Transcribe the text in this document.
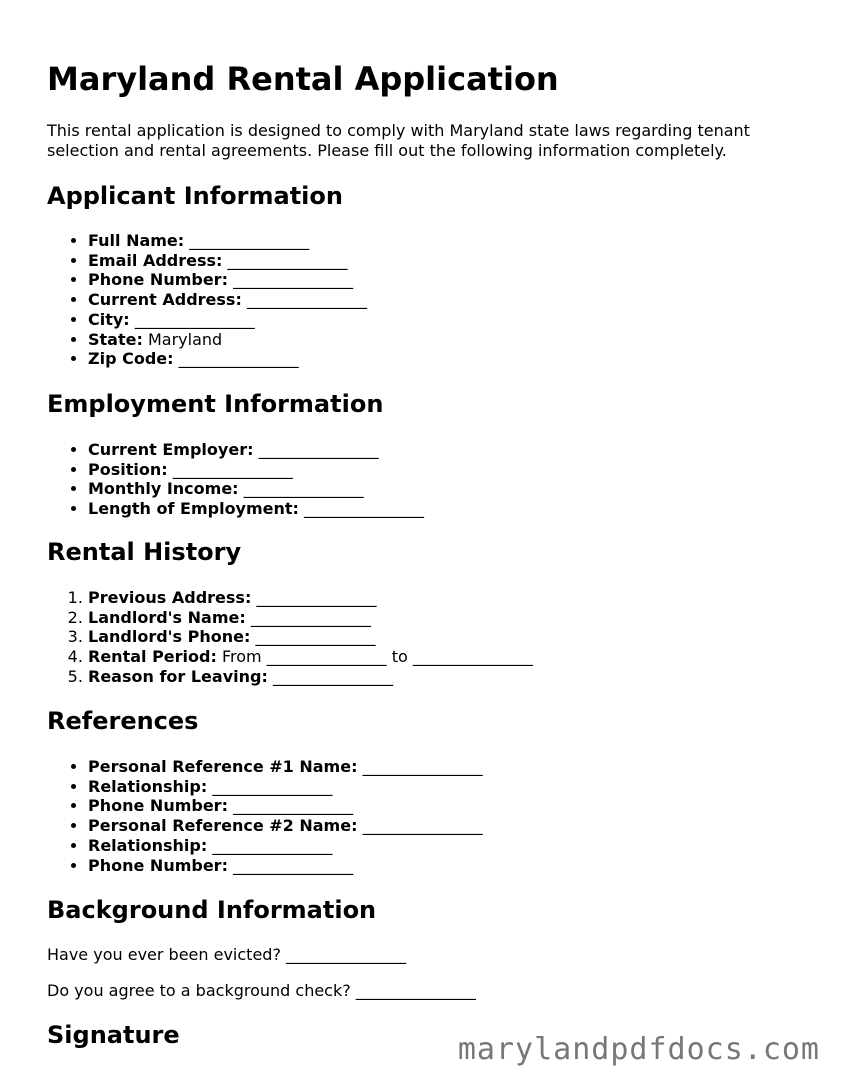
Maryland Rental Application

This rental application is designed to comply with Maryland state laws regarding tenant selection and rental agreements. Please fill out the following information completely.

Applicant Information
• Full Name: _______________
• Email Address: _______________
• Phone Number: _______________
• Current Address: _______________
• City: _______________
• State: Maryland
• Zip Code: _______________
Employment Information
• Current Employer: _______________
• Position: _______________
• Monthly Income: _______________
• Length of Employment: _______________
Rental History
1. Previous Address: _______________
2. Landlord's Name: _______________
3. Landlord's Phone: _______________
4. Rental Period: From _______________ to _______________
5. Reason for Leaving: _______________
References
• Personal Reference #1 Name: _______________
• Relationship: _______________
• Phone Number: _______________
• Personal Reference #2 Name: _______________
• Relationship: _______________
• Phone Number: _______________
Background Information

Have you ever been evicted? _______________

Do you agree to a background check? _______________

Signature	marylandpdfdocs.com
